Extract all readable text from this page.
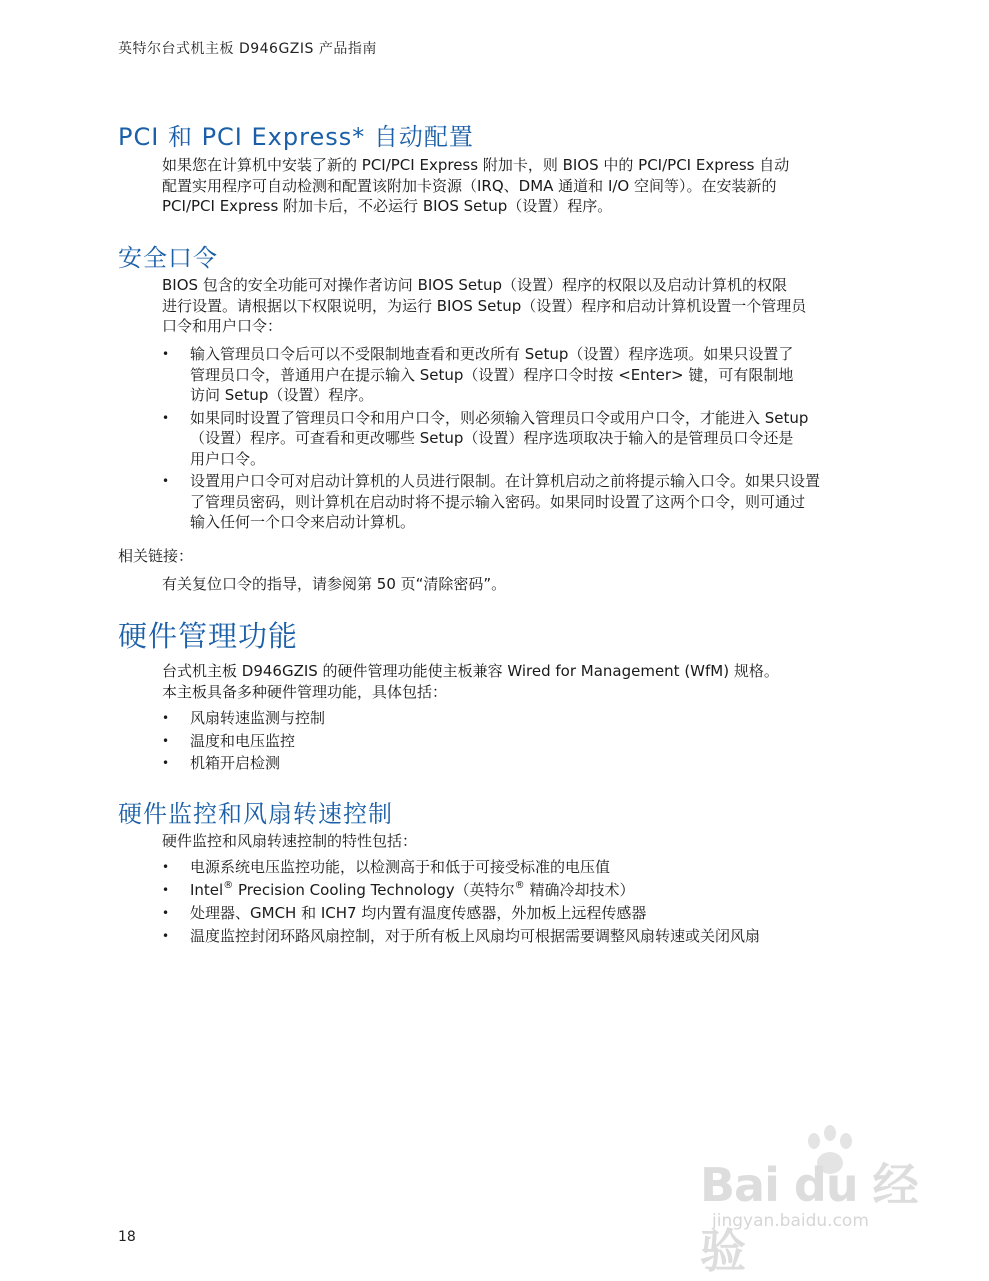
英特尔台式机主板 D946GZIS 产品指南
PCI 和 PCI Express* 自动配置
如果您在计算机中安装了新的 PCI/PCI Express 附加卡，则 BIOS 中的 PCI/PCI Express 自动
配置实用程序可自动检测和配置该附加卡资源（IRQ、DMA 通道和 I/O 空间等）。在安装新的
PCI/PCI Express 附加卡后，不必运行 BIOS Setup（设置）程序。
安全口令
BIOS 包含的安全功能可对操作者访问 BIOS Setup（设置）程序的权限以及启动计算机的权限
进行设置。请根据以下权限说明，为运行 BIOS Setup（设置）程序和启动计算机设置一个管理员
口令和用户口令：
• 输入管理员口令后可以不受限制地查看和更改所有 Setup（设置）程序选项。如果只设置了
管理员口令，普通用户在提示输入 Setup（设置）程序口令时按 <Enter> 键，可有限制地
访问 Setup（设置）程序。
• 如果同时设置了管理员口令和用户口令，则必须输入管理员口令或用户口令，才能进入 Setup
（设置）程序。可查看和更改哪些 Setup（设置）程序选项取决于输入的是管理员口令还是
用户口令。
• 设置用户口令可对启动计算机的人员进行限制。在计算机启动之前将提示输入口令。如果只设置
了管理员密码，则计算机在启动时将不提示输入密码。如果同时设置了这两个口令，则可通过
输入任何一个口令来启动计算机。
相关链接：
有关复位口令的指导，请参阅第 50 页“清除密码”。
硬件管理功能
台式机主板 D946GZIS 的硬件管理功能使主板兼容 Wired for Management (WfM) 规格。
本主板具备多种硬件管理功能，具体包括：
• 风扇转速监测与控制
• 温度和电压监控
• 机箱开启检测
硬件监控和风扇转速控制
硬件监控和风扇转速控制的特性包括：
• 电源系统电压监控功能，以检测高于和低于可接受标准的电压值
• Intel® Precision Cooling Technology（英特尔® 精确冷却技术）
• 处理器、GMCH 和 ICH7 均内置有温度传感器，外加板上远程传感器
• 温度监控封闭环路风扇控制，对于所有板上风扇均可根据需要调整风扇转速或关闭风扇
18
Bai du 经验
jingyan.baidu.com
